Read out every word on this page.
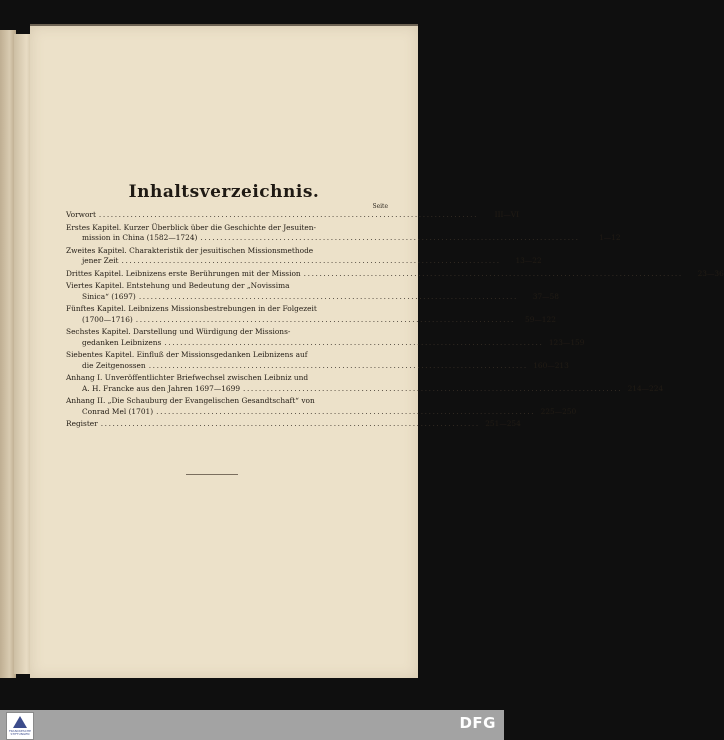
Inhaltsverzeichnis.
Seite
Vorwort ................................................................................................	III—VI
Erstes Kapitel. Kurzer Überblick über die Geschichte der Jesuiten-
mission in China (1582—1724) ................................................................................................	1—12
Zweites Kapitel. Charakteristik der jesuitischen Missionsmethode
jener Zeit ................................................................................................	13—22
Drittes Kapitel. Leibnizens erste Berührungen mit der Mission ................................................................................................	23—36
Viertes Kapitel. Entstehung und Bedeutung der „Novissima
Sinica“ (1697) ................................................................................................	37—58
Fünftes Kapitel. Leibnizens Missionsbestrebungen in der Folgezeit
(1700—1716) ................................................................................................	59—122
Sechstes Kapitel. Darstellung und Würdigung der Missions-
gedanken Leibnizens ................................................................................................ 123—159
Siebentes Kapitel. Einfluß der Missionsgedanken Leibnizens auf
die Zeitgenossen ................................................................................................ 160—213
Anhang I. Unveröffentlichter Briefwechsel zwischen Leibniz und
A. H. Francke aus den Jahren 1697—1699 ................................................................................................ 214—224
Anhang II. „Die Schauburg der Evangelischen Gesandtschaft“ von
Conrad Mel (1701) ................................................................................................ 225—250
Register ................................................................................................ 251—254
FRANCKESCHE STIFTUNGEN
DFG
